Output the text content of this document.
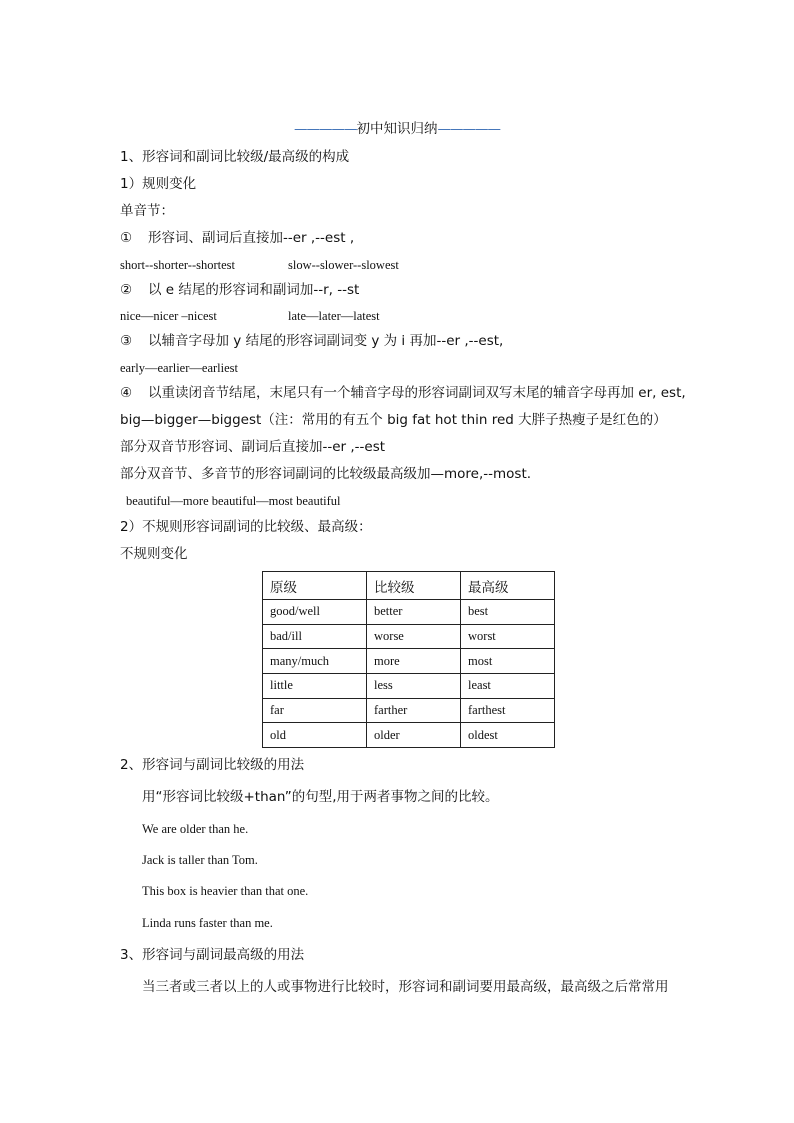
—————初中知识归纳—————
1、形容词和副词比较级/最高级的构成
1）规则变化
单音节：
① 形容词、副词后直接加--er ,--est ,
short--shorter--shortest	slow--slower--slowest
② 以 e 结尾的形容词和副词加--r, --st
nice—nicer –nicest	late—later—latest
③ 以辅音字母加 y 结尾的形容词副词变 y 为 i 再加--er ,--est,
early—earlier—earliest
④ 以重读闭音节结尾，末尾只有一个辅音字母的形容词副词双写末尾的辅音字母再加 er, est,
big—bigger—biggest（注：常用的有五个 big fat hot thin red 大胖子热瘦子是红色的）
部分双音节形容词、副词后直接加--er ,--est
部分双音节、多音节的形容词副词的比较级最高级加—more,--most.
beautiful—more beautiful—most beautiful
2）不规则形容词副词的比较级、最高级：
不规则变化
原级	比较级	最高级
good/well	better	best
bad/ill	worse	worst
many/much	more	most
little	less	least
far	farther	farthest
old	older	oldest
2、形容词与副词比较级的用法
用“形容词比较级+than”的句型,用于两者事物之间的比较。
We are older than he.
Jack is taller than Tom.
This box is heavier than that one.
Linda runs faster than me.
3、形容词与副词最高级的用法
当三者或三者以上的人或事物进行比较时，形容词和副词要用最高级，最高级之后常常用
